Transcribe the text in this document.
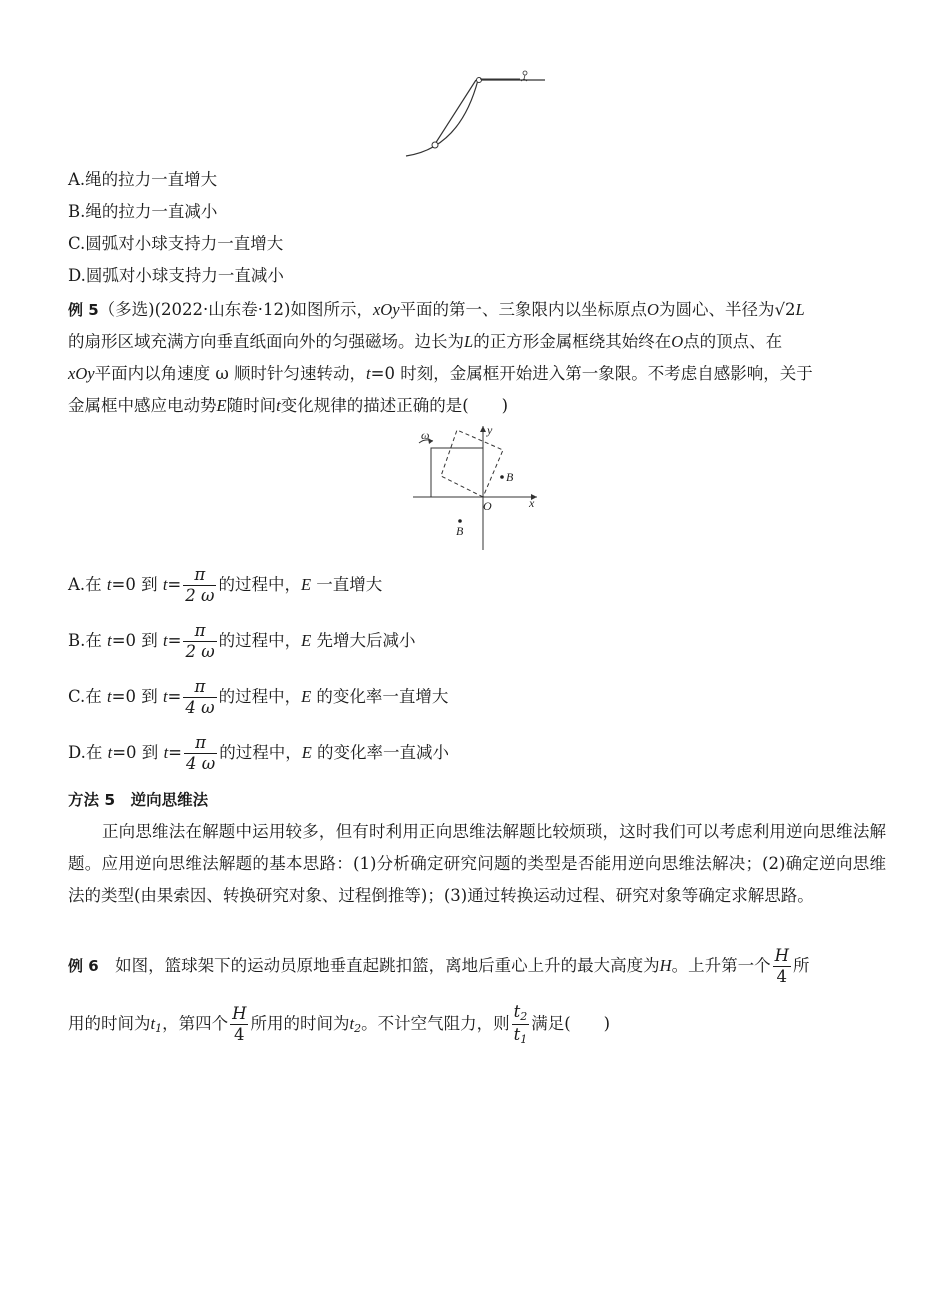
A.绳的拉力一直增大
B.绳的拉力一直减小
C.圆弧对小球支持力一直增大
D.圆弧对小球支持力一直减小
例 5（多选)(2022·山东卷·12)如图所示，xOy平面的第一、三象限内以坐标原点O为圆心、半径为√2L
的扇形区域充满方向垂直纸面向外的匀强磁场。边长为L的正方形金属框绕其始终在O点的顶点、在
xOy平面内以角速度 ω 顺时针匀速转动，t=0 时刻，金属框开始进入第一象限。不考虑自感影响，关于
金属框中感应电动势E随时间t变化规律的描述正确的是(　　)
ω	y
x
O
B
B
A.在 t=0 到 $t= \frac{\pi}{2 \omega}$ 的过程中，E 一直增大
B.在 t=0 到 $t= \frac{\pi}{2 \omega}$ 的过程中，E 先增大后减小
C.在 t=0 到 $t= \frac{\pi}{4 \omega}$ 的过程中，E 的变化率一直增大
D.在 t=0 到 $t= \frac{\pi}{4 \omega}$ 的过程中，E 的变化率一直减小
方法 5　逆向思维法
正向思维法在解题中运用较多，但有时利用正向思维法解题比较烦琐，这时我们可以考虑利用逆向思维法解题。应用逆向思维法解题的基本思路：(1)分析确定研究问题的类型是否能用逆向思维法解决；(2)确定逆向思维法的类型(由果索因、转换研究对象、过程倒推等)；(3)通过转换运动过程、研究对象等确定求解思路。
例 6　如图，篮球架下的运动员原地垂直起跳扣篮，离地后重心上升的最大高度为H。上升第一个 $\frac{H}{4}$ 所
用的时间为$t_1$，第四个 $\frac{H}{4}$ 所用的时间为$t_2$。不计空气阻力，则 $\frac{t_2}{t_1}$ 满足(　　)
